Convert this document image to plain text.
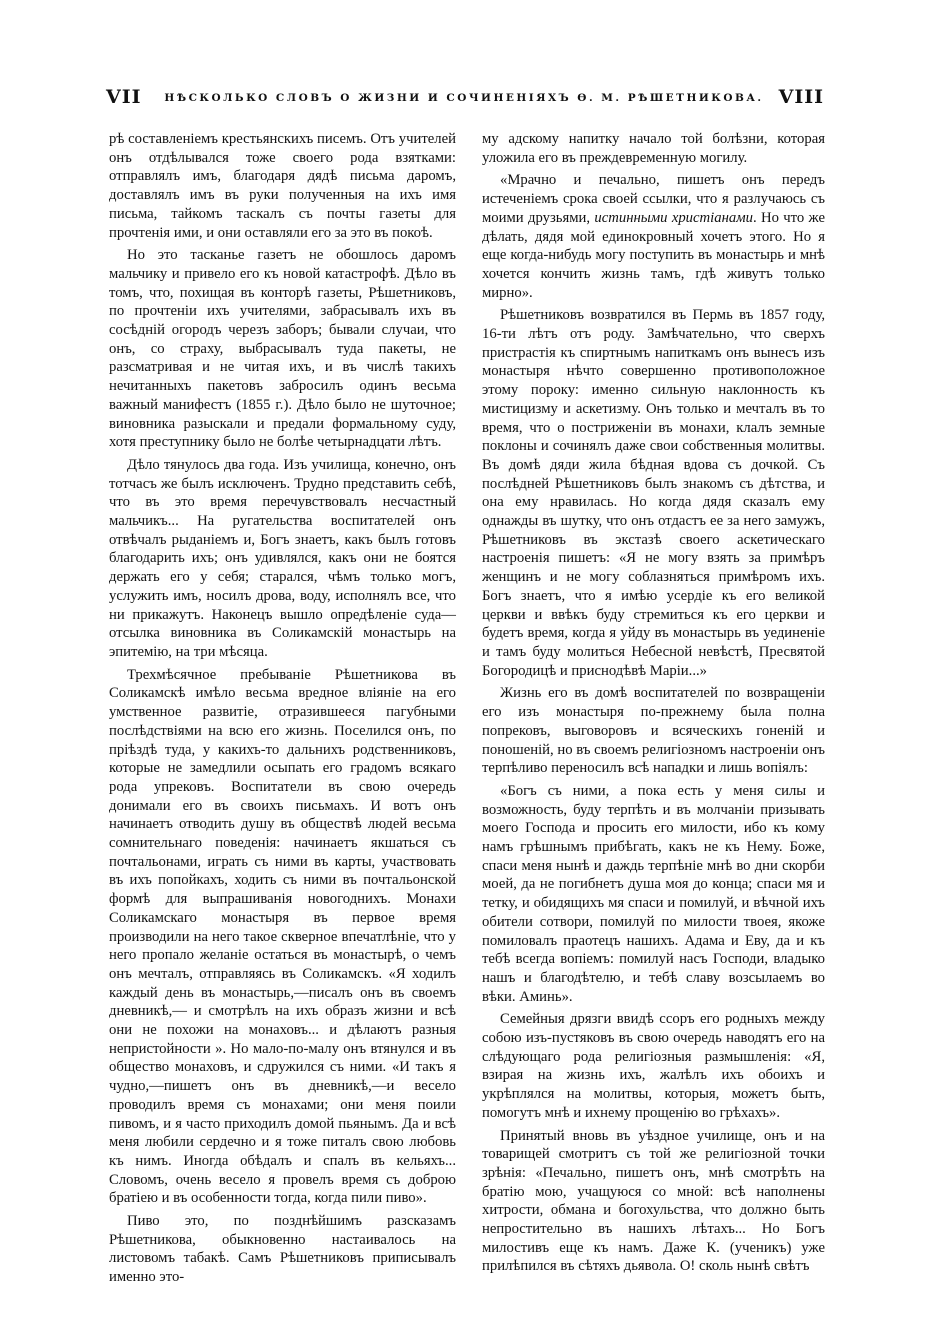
VII	НѢСКОЛЬКО СЛОВЪ О ЖИЗНИ И СОЧИНЕНІЯХЪ Ѳ. М. РѢШЕТНИКОВА. VIII

рѣ составленіемъ крестьянскихъ писемъ. Отъ учителей онъ отдѣлывался тоже своего рода взятками: отправлялъ имъ, благодаря дядѣ письма даромъ, доставлялъ имъ въ руки полученныя на ихъ имя письма, тайкомъ таскалъ съ почты газеты для прочтенія ими, и они оставляли его за это въ покоѣ.

Но это тасканье газетъ не обошлось даромъ мальчику и привело его къ новой катастрофѣ. Дѣло въ томъ, что, похищая въ конторѣ газеты, Рѣшетниковъ, по прочтеніи ихъ учителями, забрасывалъ ихъ въ сосѣдній огородъ черезъ заборъ; бывали случаи, что онъ, со страху, выбрасывалъ туда пакеты, не разсматривая и не читая ихъ, и въ числѣ такихъ нечитанныхъ пакетовъ забросилъ одинъ весьма важный манифестъ (1855 г.). Дѣло было не шуточное; виновника разыскали и предали формальному суду, хотя преступнику было не болѣе четырнадцати лѣтъ.

Дѣло тянулось два года. Изъ училища, конечно, онъ тотчасъ же былъ исключенъ. Трудно представить себѣ, что въ это время перечувствовалъ несчастный мальчикъ... На ругательства воспитателей онъ отвѣчалъ рыданіемъ и, Богъ знаетъ, какъ былъ готовъ благодарить ихъ; онъ удивлялся, какъ они не боятся держать его у себя; старался, чѣмъ только могъ, услужить имъ, носилъ дрова, воду, исполнялъ все, что ни прикажутъ. Наконецъ вышло опредѣленіе суда—отсылка виновника въ Соликамскій монастырь на эпитемію, на три мѣсяца.

Трехмѣсячное пребываніе Рѣшетникова въ Соликамскѣ имѣло весьма вредное вліяніе на его умственное развитіе, отразившееся пагубными послѣдствіями на всю его жизнь. Поселился онъ, по пріѣздѣ туда, у какихъ-то дальнихъ родственниковъ, которые не замедлили осыпать его градомъ всякаго рода упрековъ. Воспитатели въ свою очередь донимали его въ своихъ письмахъ. И вотъ онъ начинаетъ отводить душу въ обществѣ людей весьма сомнительнаго поведенія: начинаетъ якшаться съ почтальонами, играть съ ними въ карты, участвовать въ ихъ попойкахъ, ходить съ ними въ почтальонской формѣ для выпрашиванія новогоднихъ. Монахи Соликамскаго монастыря въ первое время производили на него такое скверное впечатлѣніе, что у него пропало желаніе остаться въ монастырѣ, о чемъ онъ мечталъ, отправляясь въ Соликамскъ. «Я ходилъ каждый день въ монастырь,—писалъ онъ въ своемъ дневникѣ,— и смотрѣлъ на ихъ образъ жизни и всѣ они не похожи на монаховъ... и дѣлаютъ разныя непристойности ». Но мало-по-малу онъ втянулся и въ общество монаховъ, и сдружился съ ними. «И такъ я чудно,—пишетъ онъ въ дневникѣ,—и весело проводилъ время съ монахами; они меня поили пивомъ, и я часто приходилъ домой пьянымъ. Да и всѣ меня любили сердечно и я тоже питалъ свою любовь къ нимъ. Иногда обѣдалъ и спалъ въ кельяхъ... Словомъ, очень весело я провелъ время съ доброю братіею и въ особенности тогда, когда пили пиво».

Пиво это, по позднѣйшимъ разсказамъ Рѣшетникова, обыкновенно настаивалось на листовомъ табакѣ. Самъ Рѣшетниковъ приписывалъ именно это-

му адскому напитку начало той болѣзни, которая уложила его въ преждевременную могилу.

«Мрачно и печально, пишетъ онъ передъ истеченіемъ срока своей ссылки, что я разлучаюсь съ моими друзьями, истинными христіанами. Но что же дѣлать, дядя мой единокровный хочетъ этого. Но я еще когда-нибудь могу поступить въ монастырь и мнѣ хочется кончить жизнь тамъ, гдѣ живутъ только мирно».

Рѣшетниковъ возвратился въ Пермь въ 1857 году, 16-ти лѣтъ отъ роду. Замѣчательно, что сверхъ пристрастія къ спиртнымъ напиткамъ онъ вынесъ изъ монастыря нѣчто совершенно противоположное этому пороку: именно сильную наклонность къ мистицизму и аскетизму. Онъ только и мечталъ въ то время, что о постриженіи въ монахи, клалъ земные поклоны и сочинялъ даже свои собственныя молитвы. Въ домѣ дяди жила бѣдная вдова съ дочкой. Съ послѣдней Рѣшетниковъ былъ знакомъ съ дѣтства, и она ему нравилась. Но когда дядя сказалъ ему однажды въ шутку, что онъ отдастъ ее за него замужъ, Рѣшетниковъ въ экстазѣ своего аскетическаго настроенія пишетъ: «Я не могу взять за примѣръ женщинъ и не могу соблазняться примѣромъ ихъ. Богъ знаетъ, что я имѣю усердіе къ его великой церкви и ввѣкъ буду стремиться къ его церкви и будетъ время, когда я уйду въ монастырь въ уединеніе и тамъ буду молиться Небесной невѣстѣ, Пресвятой Богородицѣ и приснодѣвѣ Маріи...»

Жизнь его въ домѣ воспитателей по возвращеніи его изъ монастыря по-прежнему была полна попрековъ, выговоровъ и всяческихъ гоненій и поношеній, но въ своемъ религіозномъ настроеніи онъ терпѣливо переносилъ всѣ нападки и лишь вопіялъ:

«Богъ съ ними, а пока есть у меня силы и возможность, буду терпѣть и въ молчаніи призывать моего Господа и просить его милости, ибо къ кому намъ грѣшнымъ прибѣгать, какъ не къ Нему. Боже, спаси меня нынѣ и даждь терпѣніе мнѣ во дни скорби моей, да не погибнетъ душа моя до конца; спаси мя и тетку, и обидящихъ мя спаси и помилуй, и вѣчной ихъ обители сотвори, помилуй по милости твоея, якоже помиловалъ праотецъ нашихъ. Адама и Еву, да и къ тебѣ всегда вопіемъ: помилуй насъ Господи, владыко нашъ и благодѣтелю, и тебѣ славу возсылаемъ во вѣки. Аминь».

Семейныя дрязги ввидѣ ссоръ его родныхъ между собою изъ-пустяковъ въ свою очередь наводятъ его на слѣдующаго рода религіозныя размышленія: «Я, взирая на жизнь ихъ, жалѣлъ ихъ обоихъ и укрѣплялся на молитвы, которыя, можетъ быть, помогутъ мнѣ и ихнему прощенію во грѣхахъ».

Принятый вновь въ уѣздное училище, онъ и на товарищей смотритъ съ той же религіозной точки зрѣнія: «Печально, пишетъ онъ, мнѣ смотрѣть на братію мою, учащуюся со мной: всѣ наполнены хитрости, обмана и богохульства, что должно быть непростительно въ нашихъ лѣтахъ... Но Богъ милостивъ еще къ намъ. Даже К. (ученикъ) уже прилѣпился въ сѣтяхъ дьявола. О! сколь нынѣ свѣтъ
